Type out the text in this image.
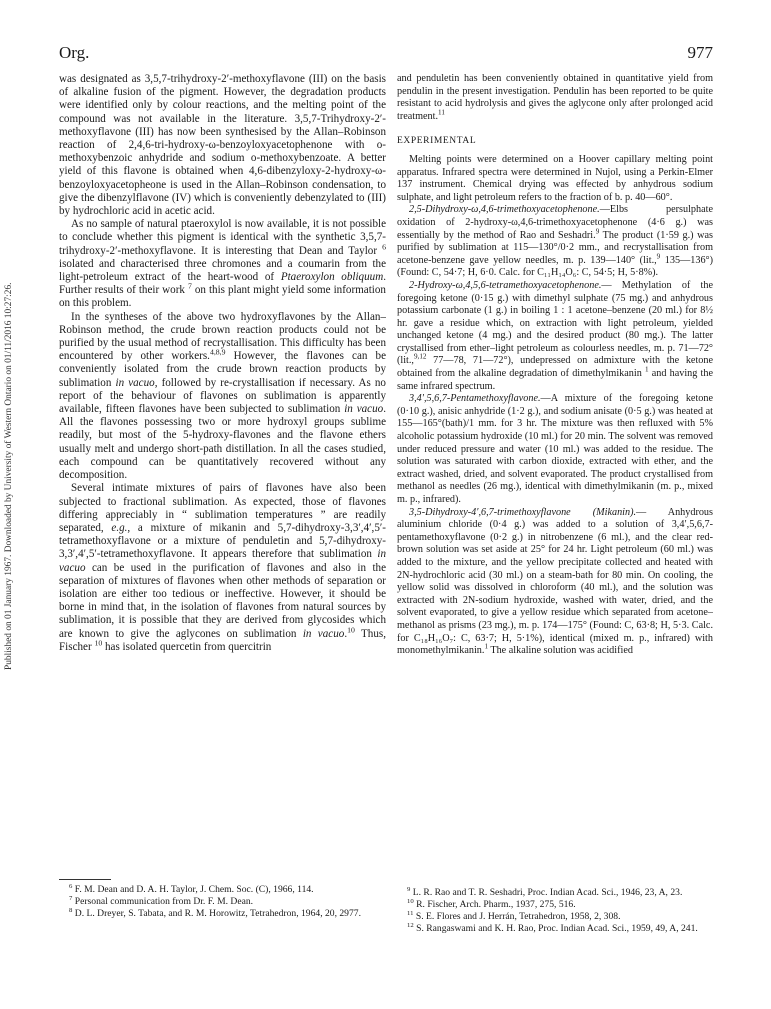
Published on 01 January 1967. Downloaded by University of Western Ontario on 01/11/2016 10:27:26.
Org.	977

was designated as 3,5,7-trihydroxy-2′-methoxyflavone (III) on the basis of alkaline fusion of the pigment. However, the degradation products were identified only by colour reactions, and the melting point of the compound was not available in the literature. 3,5,7-Trihydroxy-2′-methoxyflavone (III) has now been synthesised by the Allan–Robinson reaction of 2,4,6-tri-hydroxy-ω-benzoyloxyacetophenone with o-methoxybenzoic anhydride and sodium o-methoxybenzoate. A better yield of this flavone is obtained when 4,6-dibenzyloxy-2-hydroxy-ω-benzoyloxyacetopheone is used in the Allan–Robinson condensation, to give the dibenzylflavone (IV) which is conveniently debenzylated to (III) by hydrochloric acid in acetic acid.

As no sample of natural ptaeroxylol is now available, it is not possible to conclude whether this pigment is identical with the synthetic 3,5,7-trihydroxy-2′-methoxyflavone. It is interesting that Dean and Taylor $^6$ isolated and characterised three chromones and a coumarin from the light-petroleum extract of the heart-wood of Ptaeroxylon obliquum. Further results of their work $^7$ on this plant might yield some information on this problem.

In the syntheses of the above two hydroxyflavones by the Allan–Robinson method, the crude brown reaction products could not be purified by the usual method of recrystallisation. This difficulty has been encountered by other workers.$^{4,8,9}$ However, the flavones can be conveniently isolated from the crude brown reaction products by sublimation in vacuo, followed by re-crystallisation if necessary. As no report of the behaviour of flavones on sublimation is apparently available, fifteen flavones have been subjected to sublimation in vacuo. All the flavones possessing two or more hydroxyl groups sublime readily, but most of the 5-hydroxy-flavones and the flavone ethers usually melt and undergo short-path distillation. In all the cases studied, each compound can be quantitatively recovered without any decomposition.

Several intimate mixtures of pairs of flavones have also been subjected to fractional sublimation. As expected, those of flavones differing appreciably in “ sublimation temperatures ” are readily separated, e.g., a mixture of mikanin and 5,7-dihydroxy-3,3′,4′,5′-tetramethoxyflavone or a mixture of penduletin and 5,7-dihydroxy-3,3′,4′,5′-tetramethoxyflavone. It appears therefore that sublimation in vacuo can be used in the purification of flavones and also in the separation of mixtures of flavones when other methods of separation or isolation are either too tedious or ineffective. However, it should be borne in mind that, in the isolation of flavones from natural sources by sublimation, it is possible that they are derived from glycosides which are known to give the aglycones on sublimation in vacuo.$^{10}$ Thus, Fischer $^{10}$ has isolated quercetin from quercitrin

and penduletin has been conveniently obtained in quantitative yield from pendulin in the present investigation. Pendulin has been reported to be quite resistant to acid hydrolysis and gives the aglycone only after prolonged acid treatment.$^{11}$

EXPERIMENTAL

Melting points were determined on a Hoover capillary melting point apparatus. Infrared spectra were determined in Nujol, using a Perkin-Elmer 137 instrument. Chemical drying was effected by anhydrous sodium sulphate, and light petroleum refers to the fraction of b. p. 40—60°.

2,5-Dihydroxy-ω,4,6-trimethoxyacetophenone.—Elbs persulphate oxidation of 2-hydroxy-ω,4,6-trimethoxyacetophenone (4·6 g.) was essentially by the method of Rao and Seshadri.$^9$ The product (1·59 g.) was purified by sublimation at 115—130°/0·2 mm., and recrystallisation from acetone-benzene gave yellow needles, m. p. 139—140° (lit.,$^9$ 135—136°) (Found: C, 54·7; H, 6·0. Calc. for C₁₁H₁₄O₆: C, 54·5; H, 5·8%).

2-Hydroxy-ω,4,5,6-tetramethoxyacetophenone.— Methylation of the foregoing ketone (0·15 g.) with dimethyl sulphate (75 mg.) and anhydrous potassium carbonate (1 g.) in boiling 1 : 1 acetone–benzene (20 ml.) for 8½ hr. gave a residue which, on extraction with light petroleum, yielded unchanged ketone (4 mg.) and the desired product (80 mg.). The latter crystallised from ether–light petroleum as colourless needles, m. p. 71—72° (lit.,$^{9,12}$ 77—78, 71—72°), undepressed on admixture with the ketone obtained from the alkaline degradation of dimethylmikanin $^1$ and having the same infrared spectrum.

3,4′,5,6,7-Pentamethoxyflavone.—A mixture of the foregoing ketone (0·10 g.), anisic anhydride (1·2 g.), and sodium anisate (0·5 g.) was heated at 155—165°(bath)/1 mm. for 3 hr. The mixture was then refluxed with 5% alcoholic potassium hydroxide (10 ml.) for 20 min. The solvent was removed under reduced pressure and water (10 ml.) was added to the residue. The solution was saturated with carbon dioxide, extracted with ether, and the extract washed, dried, and solvent evaporated. The product crystallised from methanol as needles (26 mg.), identical with dimethylmikanin (m. p., mixed m. p., infrared).

3,5-Dihydroxy-4′,6,7-trimethoxyflavone (Mikanin).— Anhydrous aluminium chloride (0·4 g.) was added to a solution of 3,4′,5,6,7-pentamethoxyflavone (0·2 g.) in nitrobenzene (6 ml.), and the clear red-brown solution was set aside at 25° for 24 hr. Light petroleum (60 ml.) was added to the mixture, and the yellow precipitate collected and heated with 2N-hydrochloric acid (30 ml.) on a steam-bath for 80 min. On cooling, the yellow solid was dissolved in chloroform (40 ml.), and the solution was extracted with 2N-sodium hydroxide, washed with water, dried, and the solvent evaporated, to give a yellow residue which separated from acetone–methanol as prisms (23 mg.), m. p. 174—175° (Found: C, 63·8; H, 5·3. Calc. for C₁₈H₁₆O₇: C, 63·7; H, 5·1%), identical (mixed m. p., infrared) with monomethylmikanin.$^1$ The alkaline solution was acidified

$^6$ F. M. Dean and D. A. H. Taylor, J. Chem. Soc. (C), 1966, 114.

$^7$ Personal communication from Dr. F. M. Dean.

$^8$ D. L. Dreyer, S. Tabata, and R. M. Horowitz, Tetrahedron, 1964, 20, 2977.

$^9$ L. R. Rao and T. R. Seshadri, Proc. Indian Acad. Sci., 1946, 23, A, 23.

$^{10}$ R. Fischer, Arch. Pharm., 1937, 275, 516.

$^{11}$ S. E. Flores and J. Herrán, Tetrahedron, 1958, 2, 308.

$^{12}$ S. Rangaswami and K. H. Rao, Proc. Indian Acad. Sci., 1959, 49, A, 241.
